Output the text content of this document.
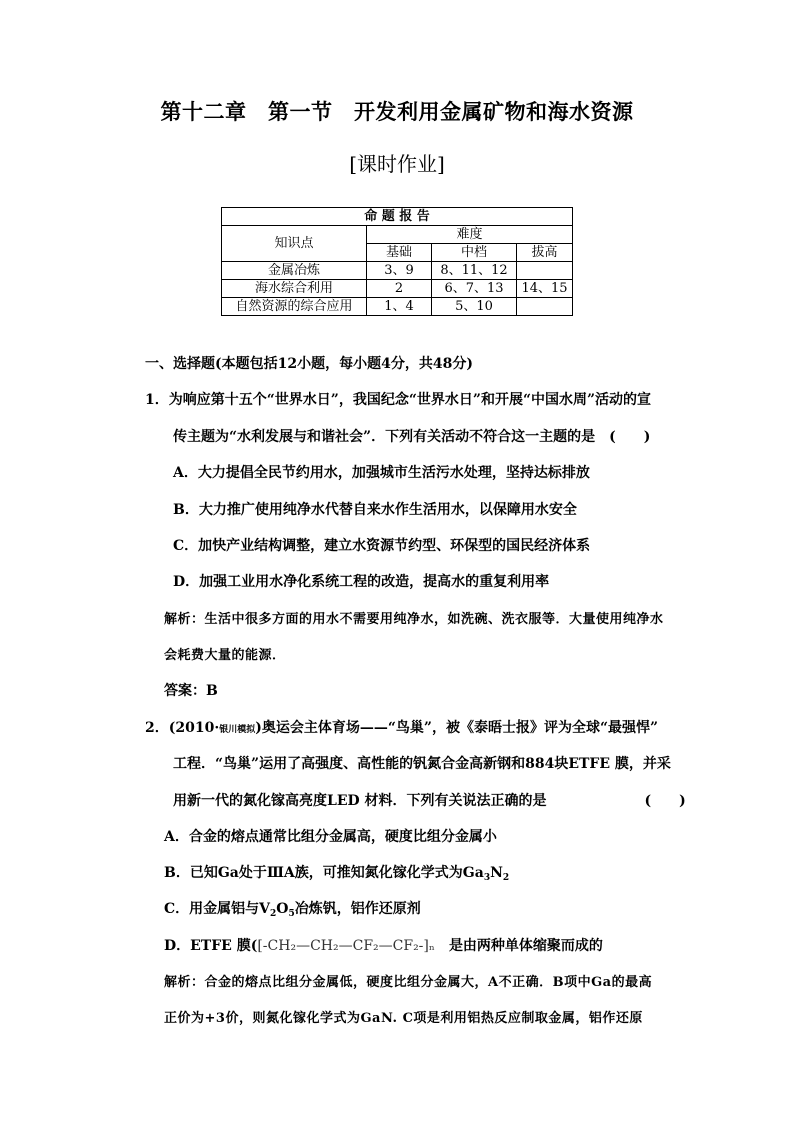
第十二章　第一节　开发利用金属矿物和海水资源
[课时作业]
命 题 报 告			
知识点	难度		
	基础	中档	拔高
金属冶炼	3、9	8、11、12	
海水综合利用	2	6、7、13	14、15
自然资源的综合应用	1、4	5、10	
一、选择题(本题包括12小题，每小题4分，共48分)
1．为响应第十五个“世界水日”，我国纪念“世界水日”和开展“中国水周”活动的宣
传主题为“水利发展与和谐社会”．下列有关活动不符合这一主题的是　(　　)
A．大力提倡全民节约用水，加强城市生活污水处理，坚持达标排放
B．大力推广使用纯净水代替自来水作生活用水，以保障用水安全
C．加快产业结构调整，建立水资源节约型、环保型的国民经济体系
D．加强工业用水净化系统工程的改造，提高水的重复利用率
解析：生活中很多方面的用水不需要用纯净水，如洗碗、洗衣服等．大量使用纯净水
会耗费大量的能源．
答案：B
2．(2010·银川模拟)奥运会主体育场——“鸟巢”，被《泰晤士报》评为全球“最强悍”
工程．“鸟巢”运用了高强度、高性能的钒氮合金高新钢和884块ETFE 膜，并采
用新一代的氮化镓高亮度LED 材料．下列有关说法正确的是　　　　　　　(　　)
A．合金的熔点通常比组分金属高，硬度比组分金属小
B．已知Ga处于ⅢA族，可推知氮化镓化学式为$Ga_3N_2$
C．用金属铝与$V_2O_5$冶炼钒，铝作还原剂
D．ETFE 膜([-CH₂—CH₂—CF₂—CF₂-]ₙ　 是由两种单体缩聚而成的
解析：合金的熔点比组分金属低，硬度比组分金属大，A不正确．B项中Ga的最高
正价为+3价，则氮化镓化学式为GaN. C项是利用铝热反应制取金属，铝作还原
